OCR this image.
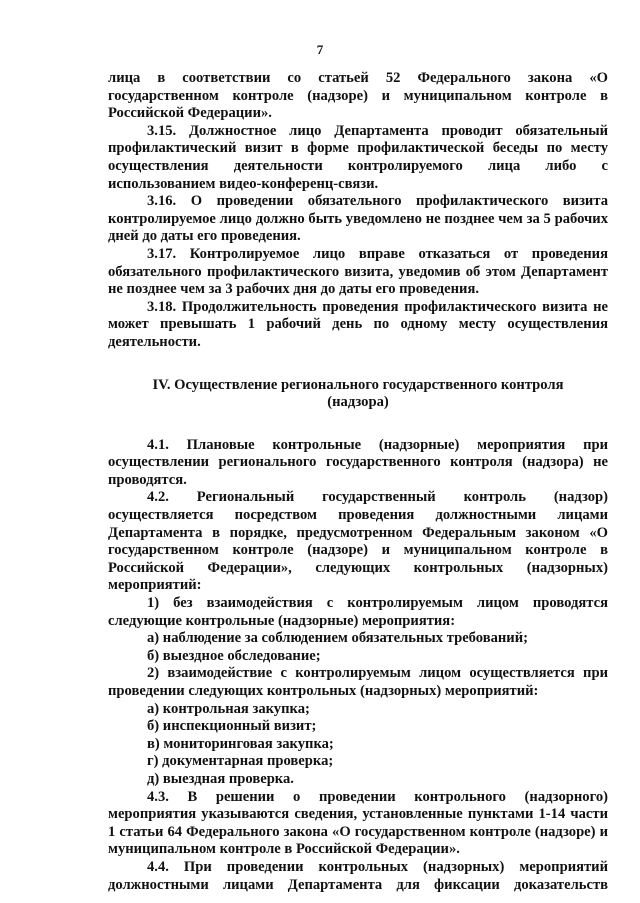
7

лица в соответствии со статьей 52 Федерального закона «О государственном контроле (надзоре) и муниципальном контроле в Российской Федерации».

3.15. Должностное лицо Департамента проводит обязательный профилактический визит в форме профилактической беседы по месту осуществления деятельности контролируемого лица либо с использованием видео-конференц-связи.

3.16. О проведении обязательного профилактического визита контролируемое лицо должно быть уведомлено не позднее чем за 5 рабочих дней до даты его проведения.

3.17. Контролируемое лицо вправе отказаться от проведения обязательного профилактического визита, уведомив об этом Департамент не позднее чем за 3 рабочих дня до даты его проведения.

3.18. Продолжительность проведения профилактического визита не может превышать 1 рабочий день по одному месту осуществления деятельности.

IV. Осуществление регионального государственного контроля
(надзора)

4.1. Плановые контрольные (надзорные) мероприятия при осуществлении регионального государственного контроля (надзора) не проводятся.

4.2. Региональный государственный контроль (надзор) осуществляется посредством проведения должностными лицами Департамента в порядке, предусмотренном Федеральным законом «О государственном контроле (надзоре) и муниципальном контроле в Российской Федерации», следующих контрольных (надзорных) мероприятий:

1) без взаимодействия с контролируемым лицом проводятся следующие контрольные (надзорные) мероприятия:

а) наблюдение за соблюдением обязательных требований;

б) выездное обследование;

2) взаимодействие с контролируемым лицом осуществляется при проведении следующих контрольных (надзорных) мероприятий:

а) контрольная закупка;

б) инспекционный визит;

в) мониторинговая закупка;

г) документарная проверка;

д) выездная проверка.

4.3. В решении о проведении контрольного (надзорного) мероприятия указываются сведения, установленные пунктами 1-14 части 1 статьи 64 Федерального закона «О государственном контроле (надзоре) и муниципальном контроле в Российской Федерации».

4.4. При проведении контрольных (надзорных) мероприятий должностными лицами Департамента для фиксации доказательств
